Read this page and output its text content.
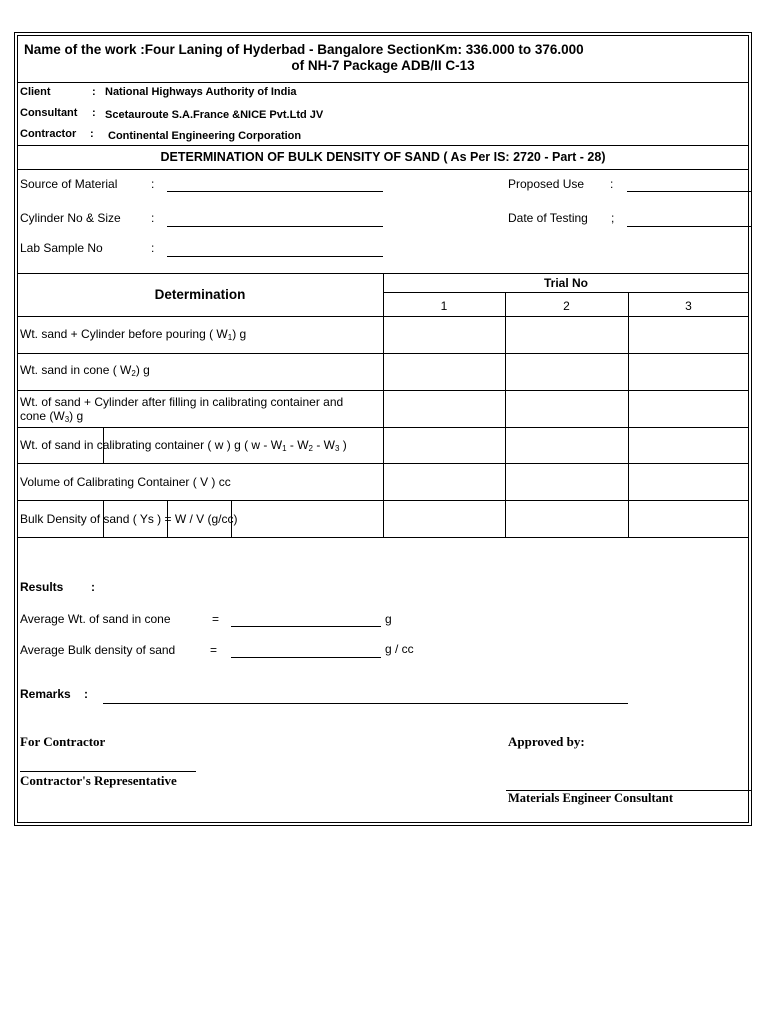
Name of the work :Four Laning of Hyderbad - Bangalore SectionKm: 336.000 to 376.000
of NH-7 Package ADB/II C-13
Client	: National Highways Authority of India
Consultant : Scetauroute S.A.France &NICE Pvt.Ltd JV
Contractor : Continental Engineering Corporation
DETERMINATION OF BULK DENSITY OF SAND ( As Per IS: 2720 - Part - 28)
Source of Material	:	Proposed Use :
Cylinder No & Size	:	Date of Testing ;
Lab Sample No	:
Determination
Trial No
1	2	3
Wt. sand + Cylinder before pouring ( $W_1$) g
Wt. sand in cone ( $W_2$) g
Wt. of sand + Cylinder after filling in calibrating container and
cone $(W_3)$ g
Wt. of sand in calibrating container ( w ) g ( w - $W_1 - W_2 - W_3$ )
Volume of Calibrating Container ( V ) cc
Bulk Density of sand ( Ys ) = W / V (g/cc)
Results :
Average Wt. of sand in cone	=	g
Average Bulk density of sand	=	g / cc
Remarks :
For Contractor	Approved by:
Contractor's Representative
Materials Engineer Consultant
